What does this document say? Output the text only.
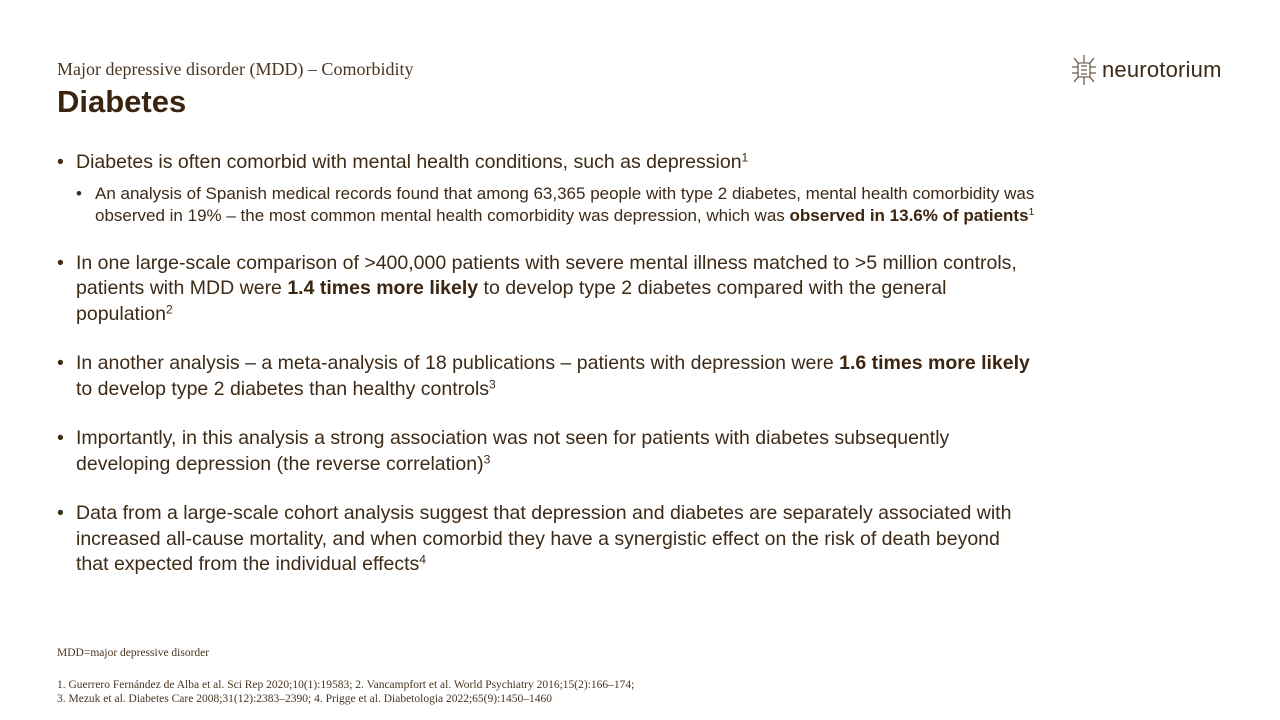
Major depressive disorder (MDD) – Comorbidity
Diabetes
neurotorium
• Diabetes is often comorbid with mental health conditions, such as depression$^1$
• An analysis of Spanish medical records found that among 63,365 people with type 2 diabetes, mental health comorbidity was observed in 19% – the most common mental health comorbidity was depression, which was observed in 13.6% of patients$^1$
• In one large-scale comparison of >400,000 patients with severe mental illness matched to >5 million controls, patients with MDD were 1.4 times more likely to develop type 2 diabetes compared with the general population$^2$
• In another analysis – a meta-analysis of 18 publications – patients with depression were 1.6 times more likely to develop type 2 diabetes than healthy controls$^3$
• Importantly, in this analysis a strong association was not seen for patients with diabetes subsequently developing depression (the reverse correlation)$^3$
• Data from a large-scale cohort analysis suggest that depression and diabetes are separately associated with increased all-cause mortality, and when comorbid they have a synergistic effect on the risk of death beyond that expected from the individual effects$^4$
MDD=major depressive disorder
1. Guerrero Fernández de Alba et al. Sci Rep 2020;10(1):19583; 2. Vancampfort et al. World Psychiatry 2016;15(2):166–174;
3. Mezuk et al. Diabetes Care 2008;31(12):2383–2390; 4. Prigge et al. Diabetologia 2022;65(9):1450–1460
